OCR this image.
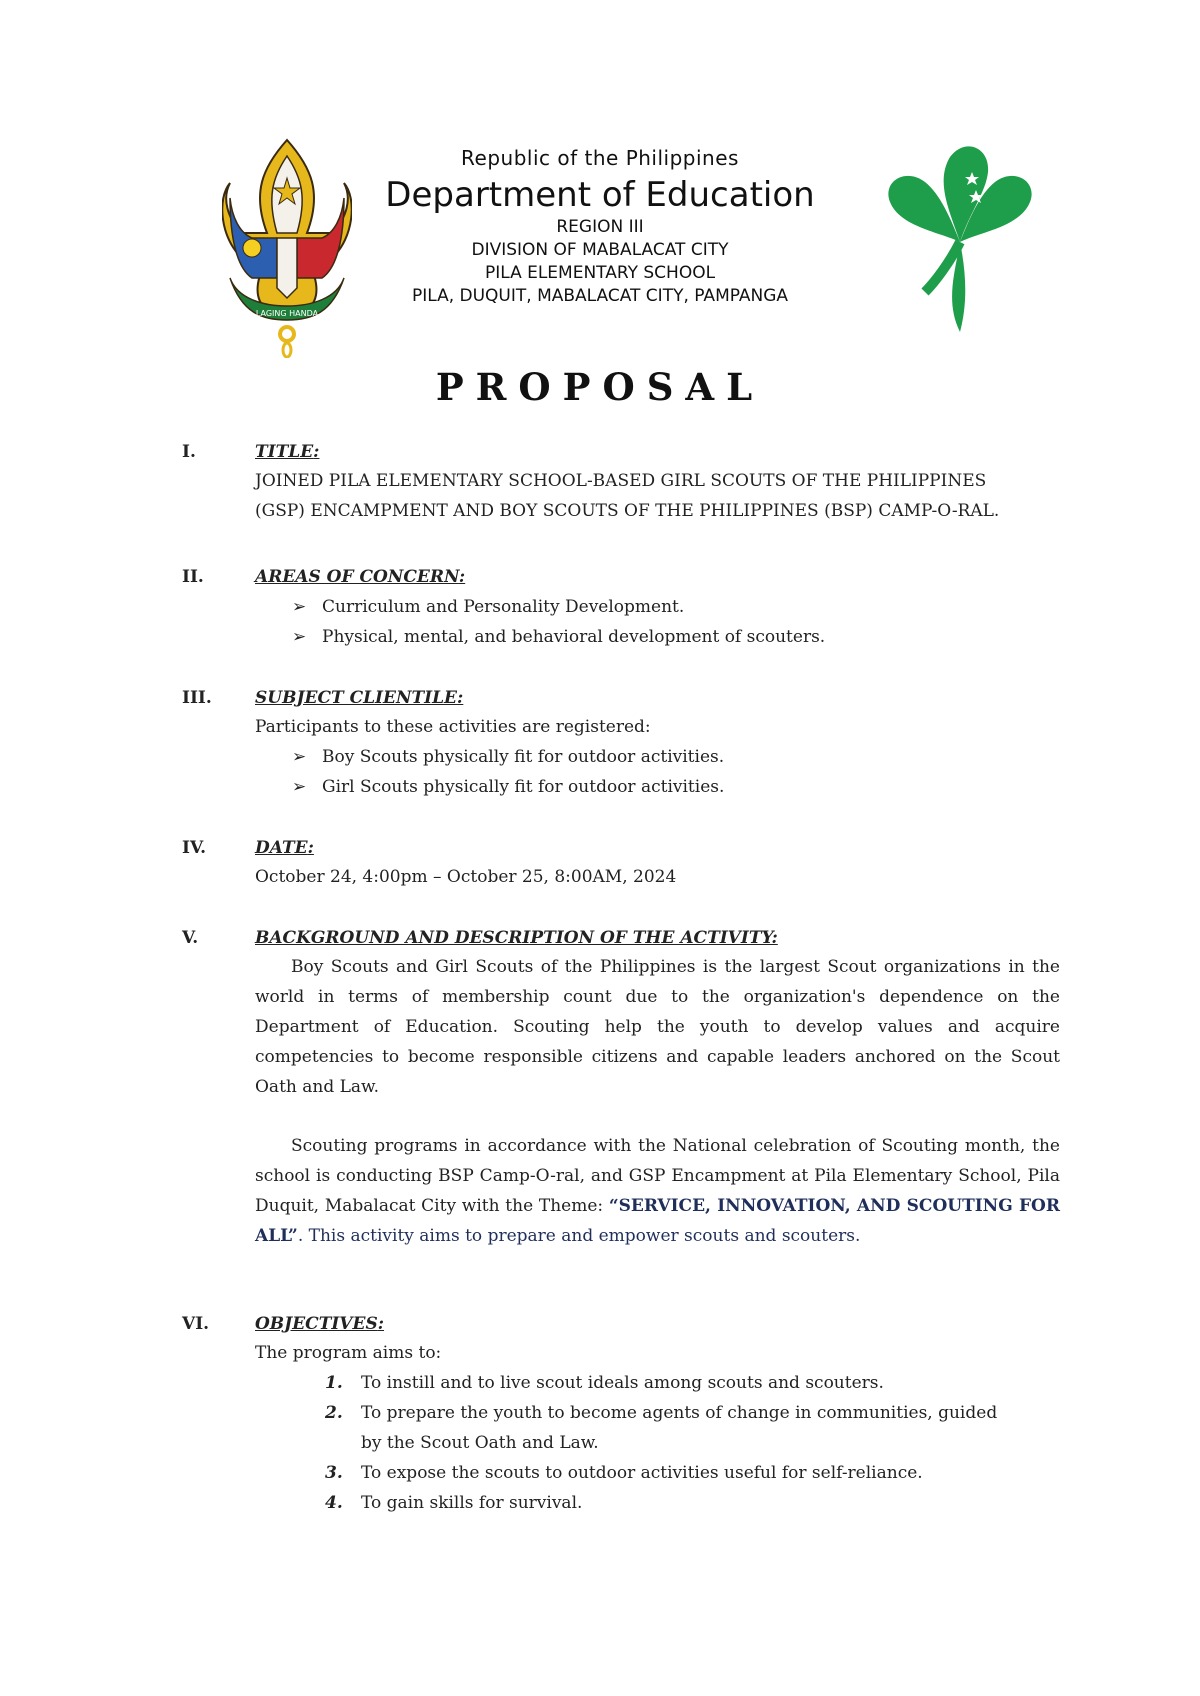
LAGING HANDA
Republic of the Philippines
Department of Education
REGION III
DIVISION OF MABALACAT CITY
PILA ELEMENTARY SCHOOL
PILA, DUQUIT, MABALACAT CITY, PAMPANGA
PROPOSAL
I.	TITLE:
JOINED PILA ELEMENTARY SCHOOL-BASED GIRL SCOUTS OF THE PHILIPPINES
(GSP) ENCAMPMENT AND BOY SCOUTS OF THE PHILIPPINES (BSP) CAMP-O-RAL.
II.	AREAS OF CONCERN:
➢ Curriculum and Personality Development.
➢ Physical, mental, and behavioral development of scouters.
III.	SUBJECT CLIENTILE:
Participants to these activities are registered:
➢ Boy Scouts physically fit for outdoor activities.
➢ Girl Scouts physically fit for outdoor activities.
IV.	DATE:
October 24, 4:00pm – October 25, 8:00AM, 2024
V.	BACKGROUND AND DESCRIPTION OF THE ACTIVITY:
Boy Scouts and Girl Scouts of the Philippines is the largest Scout organizations in the world in terms of membership count due to the organization's dependence on the Department of Education. Scouting help the youth to develop values and acquire competencies to become responsible citizens and capable leaders anchored on the Scout Oath and Law.
Scouting programs in accordance with the National celebration of Scouting month, the school is conducting BSP Camp-O-ral, and GSP Encampment at Pila Elementary School, Pila Duquit, Mabalacat City with the Theme: “SERVICE, INNOVATION, AND SCOUTING FOR ALL”. This activity aims to prepare and empower scouts and scouters.
VI.	OBJECTIVES:
The program aims to:
1. To instill and to live scout ideals among scouts and scouters.
2. To prepare the youth to become agents of change in communities, guided
by the Scout Oath and Law.
3. To expose the scouts to outdoor activities useful for self-reliance.
4. To gain skills for survival.
